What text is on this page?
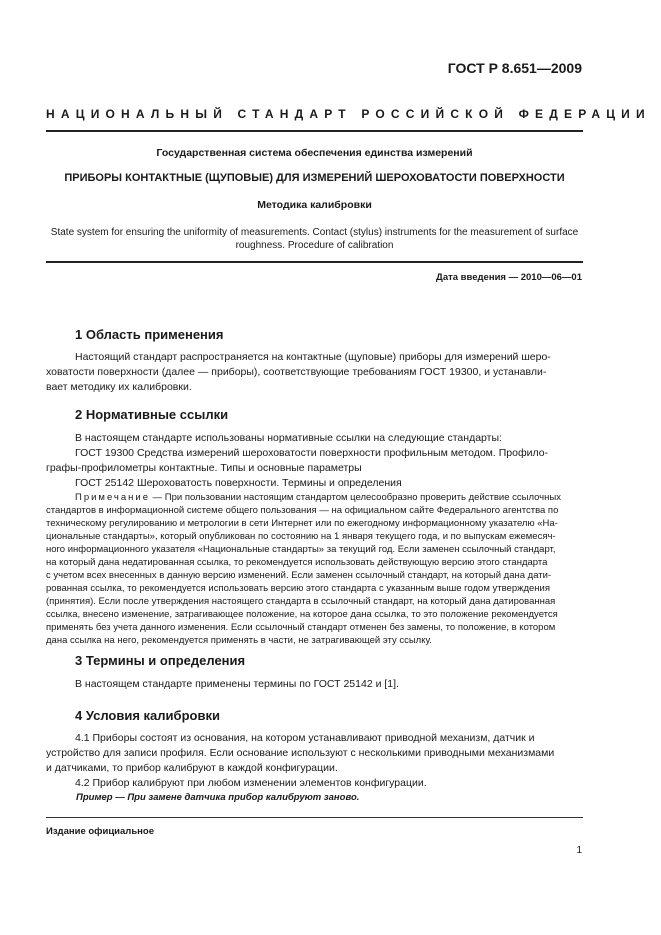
ГОСТ Р 8.651—2009
НАЦИОНАЛЬНЫЙ СТАНДАРТ РОССИЙСКОЙ ФЕДЕРАЦИИ
Государственная система обеспечения единства измерений
ПРИБОРЫ КОНТАКТНЫЕ (ЩУПОВЫЕ) ДЛЯ ИЗМЕРЕНИЙ ШЕРОХОВАТОСТИ ПОВЕРХНОСТИ
Методика калибровки
State system for ensuring the uniformity of measurements. Contact (stylus) instruments for the measurement of surface
roughness. Procedure of calibration
Дата введения — 2010—06—01
1 Область применения
Настоящий стандарт распространяется на контактные (щуповые) приборы для измерений шеро-
ховатости поверхности (далее — приборы), соответствующие требованиям ГОСТ 19300, и устанавли-
вает методику их калибровки.
2 Нормативные ссылки
В настоящем стандарте использованы нормативные ссылки на следующие стандарты:
ГОСТ 19300 Средства измерений шероховатости поверхности профильным методом. Профило-
графы-профилометры контактные. Типы и основные параметры
ГОСТ 25142 Шероховатость поверхности. Термины и определения
Примечание — При пользовании настоящим стандартом целесообразно проверить действие ссылочных
стандартов в информационной системе общего пользования — на официальном сайте Федерального агентства по
техническому регулированию и метрологии в сети Интернет или по ежегодному информационному указателю «На-
циональные стандарты», который опубликован по состоянию на 1 января текущего года, и по выпускам ежемесяч-
ного информационного указателя «Национальные стандарты» за текущий год. Если заменен ссылочный стандарт,
на который дана недатированная ссылка, то рекомендуется использовать действующую версию этого стандарта
с учетом всех внесенных в данную версию изменений. Если заменен ссылочный стандарт, на который дана дати-
рованная ссылка, то рекомендуется использовать версию этого стандарта с указанным выше годом утверждения
(принятия). Если после утверждения настоящего стандарта в ссылочный стандарт, на который дана датированная
ссылка, внесено изменение, затрагивающее положение, на которое дана ссылка, то это положение рекомендуется
применять без учета данного изменения. Если ссылочный стандарт отменен без замены, то положение, в котором
дана ссылка на него, рекомендуется применять в части, не затрагивающей эту ссылку.
3 Термины и определения
В настоящем стандарте применены термины по ГОСТ 25142 и [1].
4 Условия калибровки
4.1 Приборы состоят из основания, на котором устанавливают приводной механизм, датчик и
устройство для записи профиля. Если основание используют с несколькими приводными механизмами
и датчиками, то прибор калибруют в каждой конфигурации.
4.2 Прибор калибруют при любом изменении элементов конфигурации.
Пример — При замене датчика прибор калибруют заново.
Издание официальное
1
